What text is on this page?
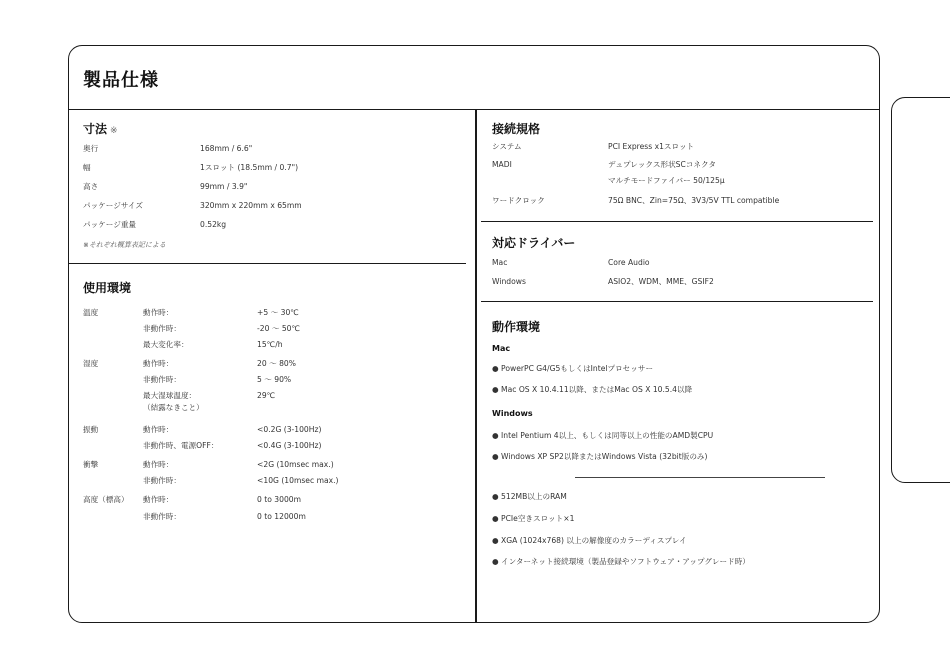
製品仕様
寸法 ※
奥行	168mm / 6.6"
幅	1スロット (18.5mm / 0.7")
高さ	99mm / 3.9"
パッケージサイズ	320mm x 220mm x 65mm
パッケージ重量	0.52kg
※それぞれ概算表記による
使用環境
温度	動作時：	+5 ～ 30℃
非動作時：	-20 ～ 50℃
最大変化率：	15℃/h
湿度	動作時：	20 ～ 80%
非動作時：	5 ～ 90%
最大湿球温度：	29℃
（結露なきこと）
振動	動作時：	<0.2G (3-100Hz)
非動作時、電源OFF：	<0.4G (3-100Hz)
衝撃	動作時：	<2G (10msec max.)
非動作時：	<10G (10msec max.)
高度（標高） 動作時：	0 to 3000m
非動作時：	0 to 12000m
接続規格
システム	PCI Express x1スロット
MADI	デュプレックス形状SCコネクタ
マルチモードファイバー 50/125μ
ワードクロック	75Ω BNC、Zin=75Ω、3V3/5V TTL compatible
対応ドライバー
Mac	Core Audio
Windows	ASIO2、WDM、MME、GSIF2
動作環境
Mac
● PowerPC G4/G5もしくはIntelプロセッサー
● Mac OS X 10.4.11以降、またはMac OS X 10.5.4以降
Windows
● Intel Pentium 4以上、もしくは同等以上の性能のAMD製CPU
● Windows XP SP2以降またはWindows Vista (32bit版のみ)
● 512MB以上のRAM
● PCIe空きスロット×1
● XGA (1024x768) 以上の解像度のカラーディスプレイ
● インターネット接続環境（製品登録やソフトウェア・アップグレード時）
